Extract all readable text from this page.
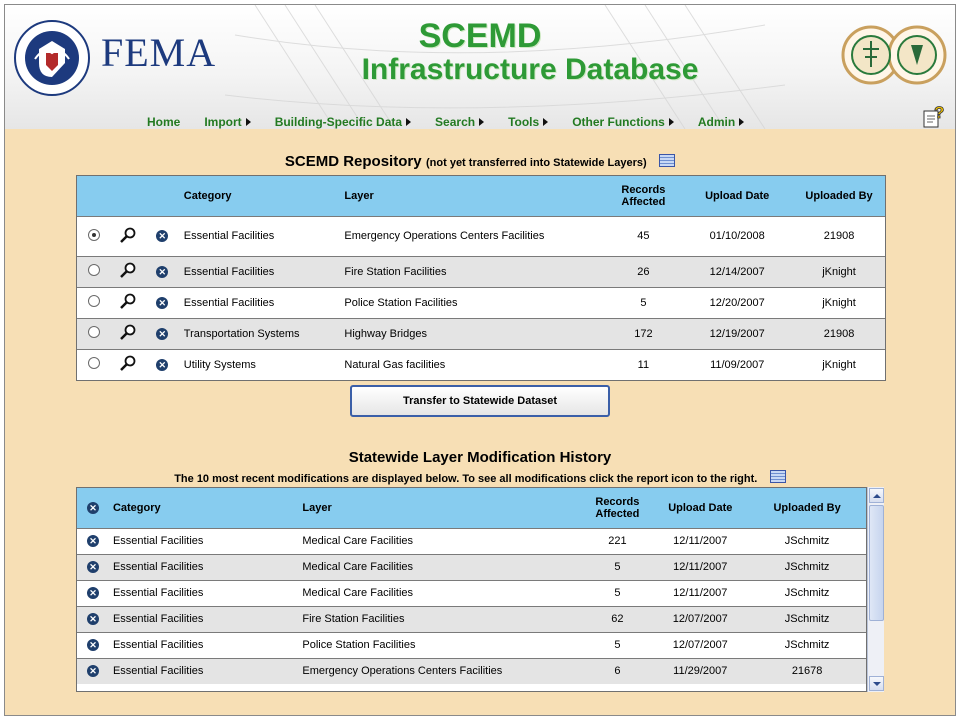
FEMA	SCEMD
Infrastructure Database
Home Import	Building-Specific Data	Search	Tools	Other Functions	Admin	?
SCEMD Repository (not yet transferred into Statewide Layers)
			Category	Layer	Records Affected	Upload Date	Uploaded By
		✕	Essential Facilities	Emergency Operations Centers Facilities	45	01/10/2008	21908
		✕	Essential Facilities	Fire Station Facilities	26	12/14/2007	jKnight
		✕	Essential Facilities	Police Station Facilities	5	12/20/2007	jKnight
		✕	Transportation Systems	Highway Bridges	172	12/19/2007	21908
		✕	Utility Systems	Natural Gas facilities	11	11/09/2007	jKnight
Transfer to Statewide Dataset
Statewide Layer Modification History
The 10 most recent modifications are displayed below. To see all modifications click the report icon to the right.
✕	Category	Layer	Records Affected	Upload Date	Uploaded By
✕	Essential Facilities	Medical Care Facilities	221	12/11/2007	JSchmitz
✕	Essential Facilities	Medical Care Facilities	5	12/11/2007	JSchmitz
✕	Essential Facilities	Medical Care Facilities	5	12/11/2007	JSchmitz
✕	Essential Facilities	Fire Station Facilities	62	12/07/2007	JSchmitz
✕	Essential Facilities	Police Station Facilities	5	12/07/2007	JSchmitz
✕	Essential Facilities	Emergency Operations Centers Facilities	6	11/29/2007	21678
